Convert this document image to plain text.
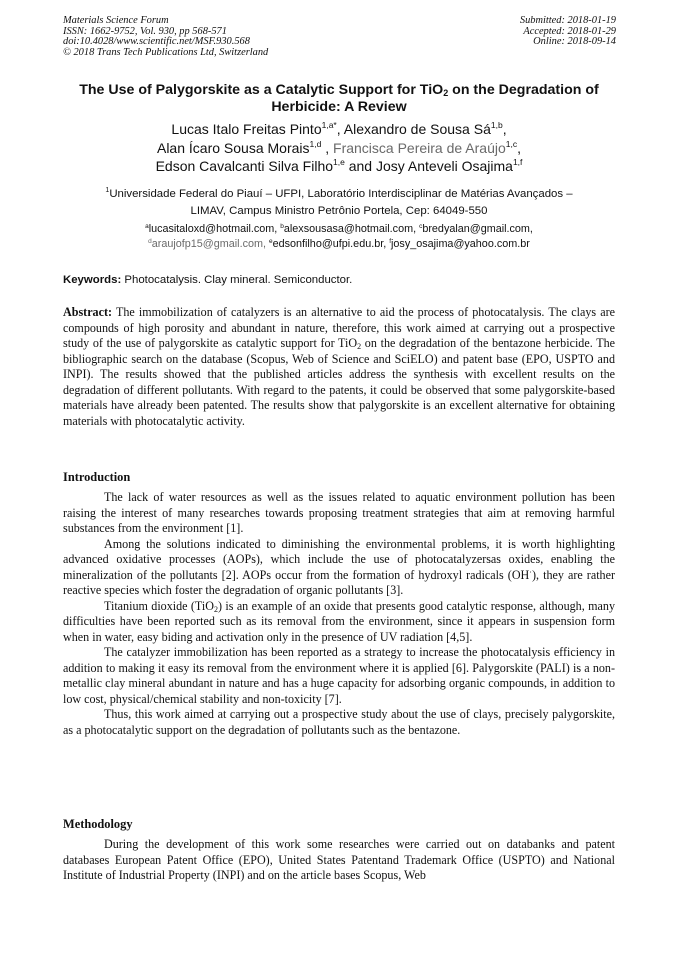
Materials Science Forum
ISSN: 1662-9752, Vol. 930, pp 568-571
doi:10.4028/www.scientific.net/MSF.930.568
© 2018 Trans Tech Publications Ltd, Switzerland
Submitted: 2018-01-19
Accepted: 2018-01-29
Online: 2018-09-14
The Use of Palygorskite as a Catalytic Support for TiO$_2$ on the Degradation of Herbicide: A Review
Lucas Italo Freitas Pinto$^{1,a*}$, Alexandro de Sousa Sá$^{1,b}$,
Alan Ícaro Sousa Morais$^{1,d}$ , Francisca Pereira de Araújo$^{1,c}$,
Edson Cavalcanti Silva Filho$^{1,e}$ and Josy Anteveli Osajima$^{1,f}$
$^1$Universidade Federal do Piauí – UFPI, Laboratório Interdisciplinar de Matérias Avançados –
LIMAV, Campus Ministro Petrônio Portela, Cep: 64049-550
$^a$lucasitaloxd@hotmail.com, $^b$alexsousasa@hotmail.com, $^c$bredyalan@gmail.com,
$^d$araujofp15@gmail.com, $^e$edsonfilho@ufpi.edu.br, $^f$josy_osajima@yahoo.com.br
Keywords: Photocatalysis. Clay mineral. Semiconductor.

Abstract: The immobilization of catalyzers is an alternative to aid the process of photocatalysis. The clays are compounds of high porosity and abundant in nature, therefore, this work aimed at carrying out a prospective study of the use of palygorskite as catalytic support for TiO$_2$ on the degradation of the bentazone herbicide. The bibliographic search on the database (Scopus, Web of Science and SciELO) and patent base (EPO, USPTO and INPI). The results showed that the published articles address the synthesis with excellent results on the degradation of different pollutants. With regard to the patents, it could be observed that some palygorskite-based materials have already been patented. The results show that palygorskite is an excellent alternative for obtaining materials with photocatalytic activity.

Introduction

The lack of water resources as well as the issues related to aquatic environment pollution has been raising the interest of many researches towards proposing treatment strategies that aim at removing harmful substances from the environment [1].

Among the solutions indicated to diminishing the environmental problems, it is worth highlighting advanced oxidative processes (AOPs), which include the use of photocatalyzersas oxides, enabling the mineralization of the pollutants [2]. AOPs occur from the formation of hydroxyl radicals (OH·), they are rather reactive species which foster the degradation of organic pollutants [3].

Titanium dioxide (TiO$_2$) is an example of an oxide that presents good catalytic response, although, many difficulties have been reported such as its removal from the environment, since it appears in suspension form when in water, easy biding and activation only in the presence of UV radiation [4,5].

The catalyzer immobilization has been reported as a strategy to increase the photocatalysis efficiency in addition to making it easy its removal from the environment where it is applied [6]. Palygorskite (PALI) is a non-metallic clay mineral abundant in nature and has a huge capacity for adsorbing organic compounds, in addition to low cost, physical/chemical stability and non-toxicity [7].

Thus, this work aimed at carrying out a prospective study about the use of clays, precisely palygorskite, as a photocatalytic support on the degradation of pollutants such as the bentazone.

Methodology

During the development of this work some researches were carried out on databanks and patent databases European Patent Office (EPO), United States Patentand Trademark Office (USPTO) and National Institute of Industrial Property (INPI) and on the article bases Scopus, Web
